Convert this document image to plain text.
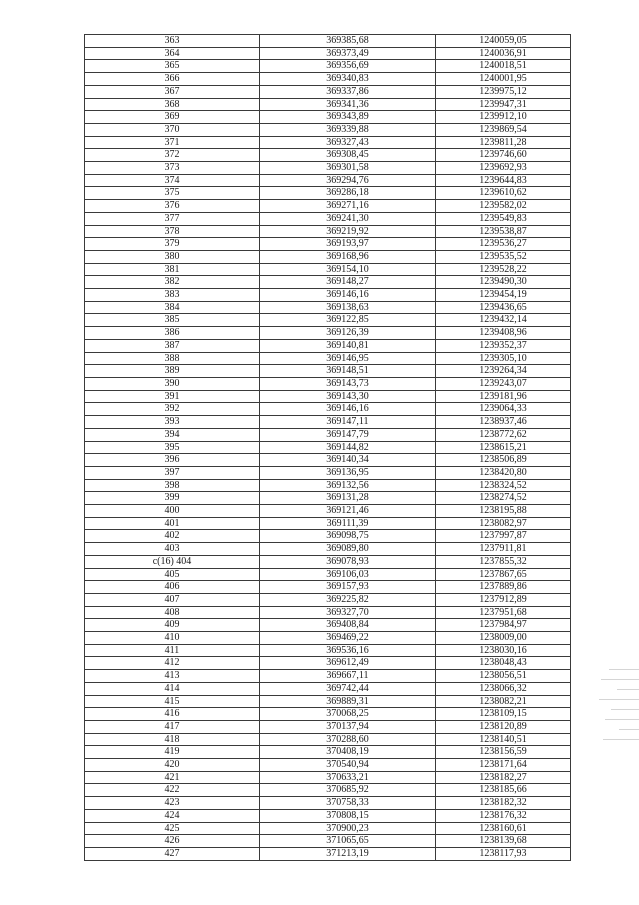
363	369385,68	1240059,05
364	369373,49	1240036,91
365	369356,69	1240018,51
366	369340,83	1240001,95
367	369337,86	1239975,12
368	369341,36	1239947,31
369	369343,89	1239912,10
370	369339,88	1239869,54
371	369327,43	1239811,28
372	369308,45	1239746,60
373	369301,58	1239692,93
374	369294,76	1239644,83
375	369286,18	1239610,62
376	369271,16	1239582,02
377	369241,30	1239549,83
378	369219,92	1239538,87
379	369193,97	1239536,27
380	369168,96	1239535,52
381	369154,10	1239528,22
382	369148,27	1239490,30
383	369146,16	1239454,19
384	369138,63	1239436,65
385	369122,85	1239432,14
386	369126,39	1239408,96
387	369140,81	1239352,37
388	369146,95	1239305,10
389	369148,51	1239264,34
390	369143,73	1239243,07
391	369143,30	1239181,96
392	369146,16	1239064,33
393	369147,11	1238937,46
394	369147,79	1238772,62
395	369144,82	1238615,21
396	369140,34	1238506,89
397	369136,95	1238420,80
398	369132,56	1238324,52
399	369131,28	1238274,52
400	369121,46	1238195,88
401	369111,39	1238082,97
402	369098,75	1237997,87
403	369089,80	1237911,81
c(16) 404	369078,93	1237855,32
405	369106,03	1237867,65
406	369157,93	1237889,86
407	369225,82	1237912,89
408	369327,70	1237951,68
409	369408,84	1237984,97
410	369469,22	1238009,00
411	369536,16	1238030,16
412	369612,49	1238048,43
413	369667,11	1238056,51
414	369742,44	1238066,32
415	369889,31	1238082,21
416	370068,25	1238109,15
417	370137,94	1238120,89
418	370288,60	1238140,51
419	370408,19	1238156,59
420	370540,94	1238171,64
421	370633,21	1238182,27
422	370685,92	1238185,66
423	370758,33	1238182,32
424	370808,15	1238176,32
425	370900,23	1238160,61
426	371065,65	1238139,68
427	371213,19	1238117,93
